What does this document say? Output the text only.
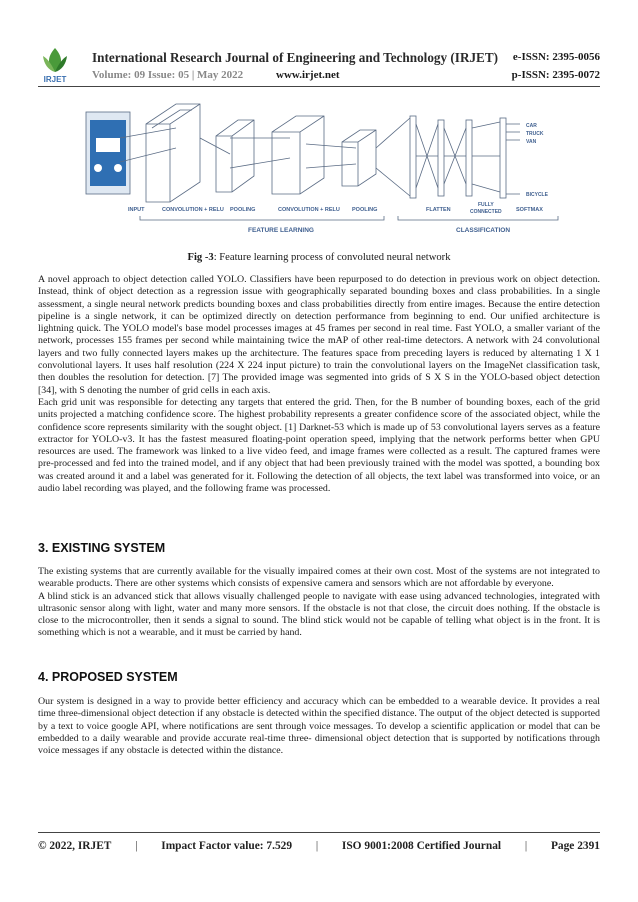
IRJET
International Research Journal of Engineering and Technology (IRJET) e-ISSN: 2395-0056
Volume: 09 Issue: 05 | May 2022	www.irjet.net	p-ISSN: 2395-0072
INPUT	CONVOLUTION + RELU POOLING	CONVOLUTION + RELU POOLING	FLATTEN
FULLY
CONNECTED	SOFTMAX
FEATURE LEARNING	CLASSIFICATION
CAR
TRUCK
VAN
BICYCLE
Fig -3: Feature learning process of convoluted neural network

A novel approach to object detection called YOLO. Classifiers have been repurposed to do detection in previous work on object detection. Instead, think of object detection as a regression issue with geographically separated bounding boxes and class probabilities. In a single assessment, a single neural network predicts bounding boxes and class probabilities directly from entire images. Because the entire detection pipeline is a single network, it can be optimized directly on detection performance from beginning to end. Our unified architecture is lightning quick. The YOLO model's base model processes images at 45 frames per second in real time. Fast YOLO, a smaller variant of the network, processes 155 frames per second while maintaining twice the mAP of other real-time detectors. A network with 24 convolutional layers and two fully connected layers makes up the architecture. The features space from preceding layers is reduced by alternating 1 X 1 convolutional layers. It uses half resolution (224 X 224 input picture) to train the convolutional layers on the ImageNet classification task, then doubles the resolution for detection. [7] The provided image was segmented into grids of S X S in the YOLO-based object detection [34], with S denoting the number of grid cells in each axis.

Each grid unit was responsible for detecting any targets that entered the grid. Then, for the B number of bounding boxes, each of the grid units projected a matching confidence score. The highest probability represents a greater confidence score of the associated object, while the confidence score represents similarity with the sought object. [1] Darknet-53 which is made up of 53 convolutional layers serves as a feature extractor for YOLO-v3. It has the fastest measured floating-point operation speed, implying that the network performs better when GPU resources are used. The framework was linked to a live video feed, and image frames were collected as a result. The captured frames were pre-processed and fed into the trained model, and if any object that had been previously trained with the model was spotted, a bounding box was created around it and a label was generated for it. Following the detection of all objects, the text label was transformed into voice, or an audio label recording was played, and the following frame was processed.

3. EXISTING SYSTEM

The existing systems that are currently available for the visually impaired comes at their own cost. Most of the systems are not integrated to wearable products. There are other systems which consists of expensive camera and sensors which are not affordable by everyone.

A blind stick is an advanced stick that allows visually challenged people to navigate with ease using advanced technologies, integrated with ultrasonic sensor along with light, water and many more sensors. If the obstacle is not that close, the circuit does nothing. If the obstacle is close to the microcontroller, then it sends a signal to sound. The blind stick would not be capable of telling what object is in the front. It is something which is not a wearable, and it must be carried by hand.

4. PROPOSED SYSTEM

Our system is designed in a way to provide better efficiency and accuracy which can be embedded to a wearable device. It provides a real time three-dimensional object detection if any obstacle is detected within the specified distance. The output of the object detected is supported by a text to voice google API, where notifications are sent through voice messages. To develop a scientific application or model that can be embedded to a daily wearable and provide accurate real-time three- dimensional object detection that is supported by notifications through voice messages if any obstacle is detected within the distance.

© 2022, IRJET | Impact Factor value: 7.529 | ISO 9001:2008 Certified Journal | Page 2391
